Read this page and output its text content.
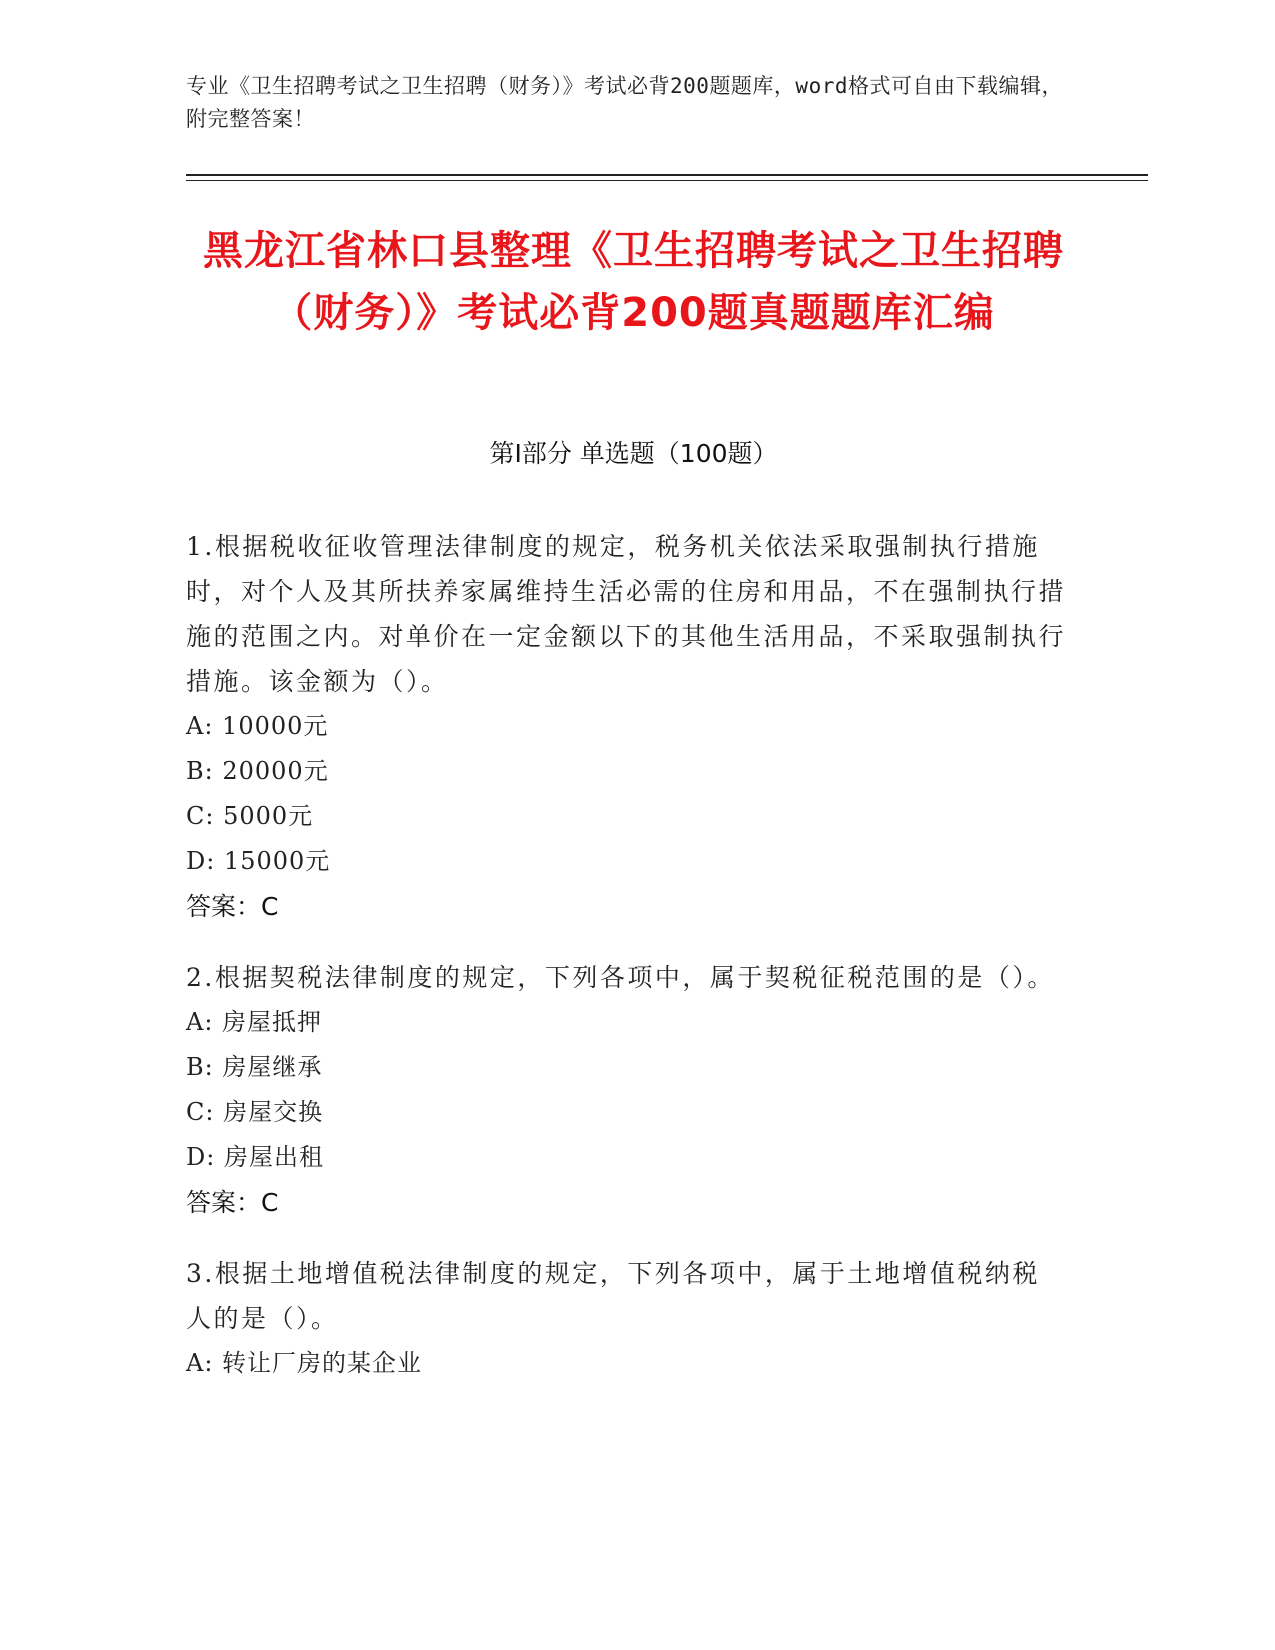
专业《卫生招聘考试之卫生招聘（财务）》考试必背200题题库，word格式可自由下载编辑，附完整答案！
黑龙江省林口县整理《卫生招聘考试之卫生招聘（财务）》考试必背200题真题题库汇编
第I部分 单选题（100题）
1.根据税收征收管理法律制度的规定，税务机关依法采取强制执行措施时，对个人及其所扶养家属维持生活必需的住房和用品，不在强制执行措施的范围之内。对单价在一定金额以下的其他生活用品，不采取强制执行措施。该金额为（）。
A: 10000元
B: 20000元
C: 5000元
D: 15000元
答案：C
2.根据契税法律制度的规定，下列各项中，属于契税征税范围的是（）。
A: 房屋抵押
B: 房屋继承
C: 房屋交换
D: 房屋出租
答案：C
3.根据土地增值税法律制度的规定，下列各项中，属于土地增值税纳税人的是（）。
A: 转让厂房的某企业
